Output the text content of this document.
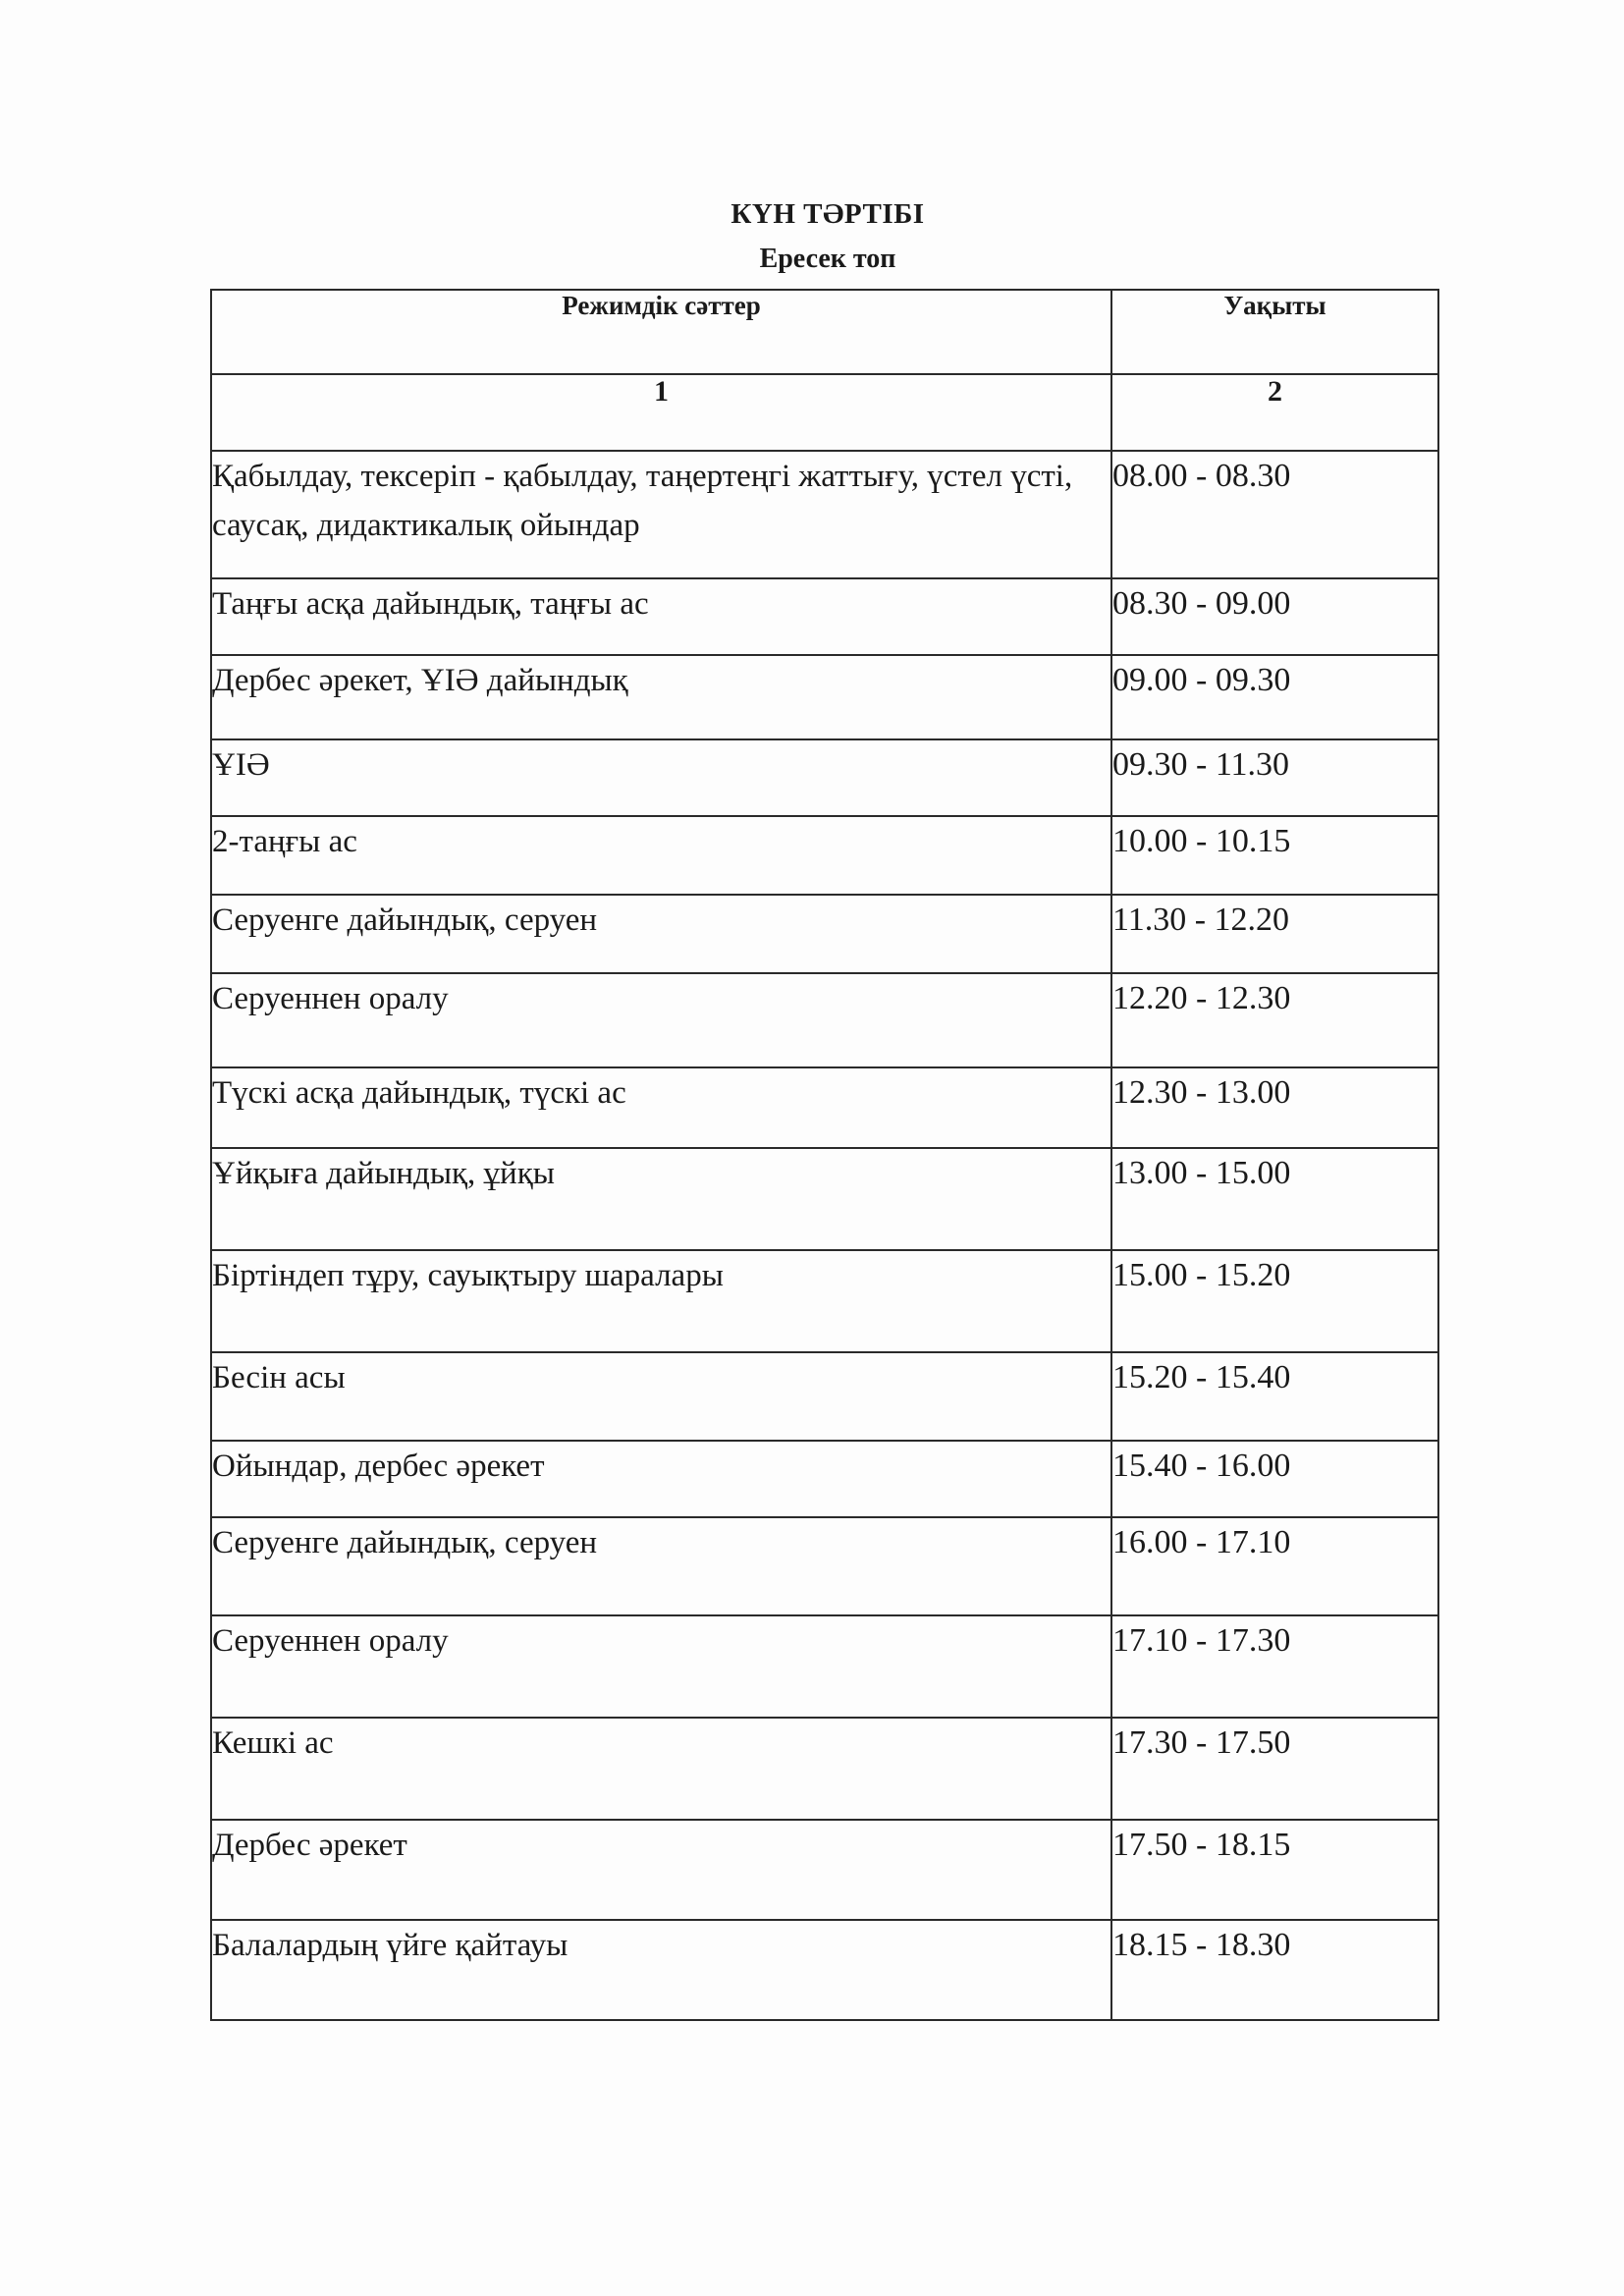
КҮН ТӘРТІБІ
Ересек топ
Режимдік сәттер	Уақыты
1	2
Қабылдау, тексеріп - қабылдау, таңертеңгі жаттығу, үстел үсті, саусақ, дидактикалық ойындар	08.00 - 08.30
Таңғы асқа дайындық, таңғы ас	08.30 - 09.00
Дербес әрекет, ҰІӘ дайындық	09.00 - 09.30
ҰІӘ	09.30 - 11.30
2-таңғы ас	10.00 - 10.15
Серуенге дайындық, серуен	11.30 - 12.20
Серуеннен оралу	12.20 - 12.30
Түскі асқа дайындық, түскі ас	12.30 - 13.00
Ұйқыға дайындық, ұйқы	13.00 - 15.00
Біртіндеп тұру, сауықтыру шаралары	15.00 - 15.20
Бесін асы	15.20 - 15.40
Ойындар, дербес әрекет	15.40 - 16.00
Серуенге дайындық, серуен	16.00 - 17.10
Серуеннен оралу	17.10 - 17.30
Кешкі ас	17.30 - 17.50
Дербес әрекет	17.50 - 18.15
Балалардың үйге қайтауы	18.15 - 18.30
